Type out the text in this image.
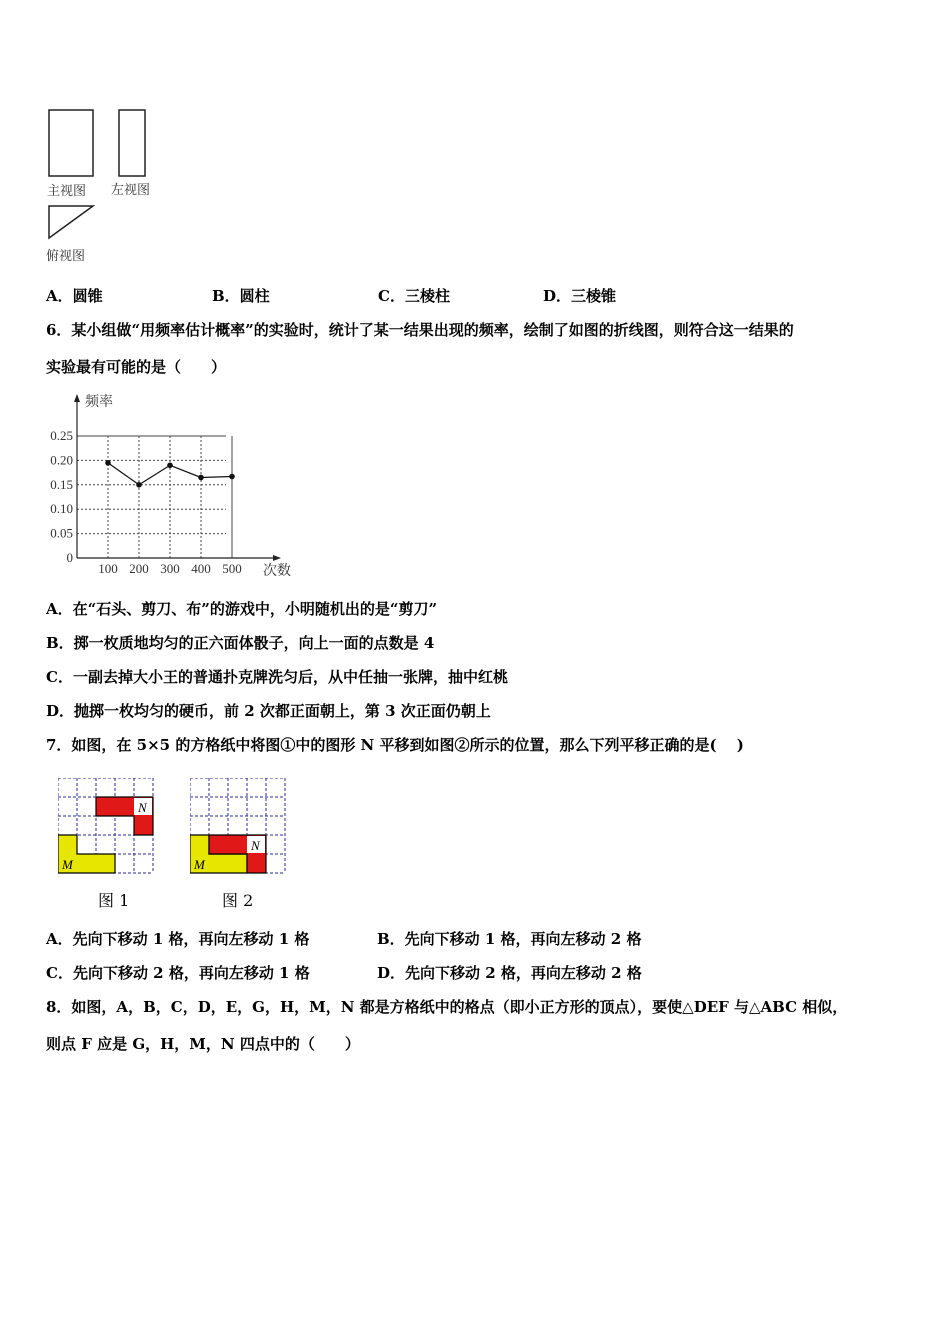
主视图 左视图
俯视图
A．圆锥	B．圆柱	C．三棱柱	D．三棱锥
6．某小组做“用频率估计概率”的实验时，统计了某一结果出现的频率，绘制了如图的折线图，则符合这一结果的
实验最有可能的是（　　）
频率
次数
0
0.05
0.10
0.15
0.20
0.25
100 200 300 400 500
A．在“石头、剪刀、布”的游戏中，小明随机出的是“剪刀”
B．掷一枚质地均匀的正六面体骰子，向上一面的点数是 4
C．一副去掉大小王的普通扑克牌洗匀后，从中任抽一张牌，抽中红桃
D．抛掷一枚均匀的硬币，前 2 次都正面朝上，第 3 次正面仍朝上
7．如图，在 5×5 的方格纸中将图①中的图形 N 平移到如图②所示的位置，那么下列平移正确的是(　 )
N
M
N
M
图 1	图 2
A．先向下移动 1 格，再向左移动 1 格	B．先向下移动 1 格，再向左移动 2 格
C．先向下移动 2 格，再向左移动 1 格	D．先向下移动 2 格，再向左移动 2 格
8．如图，A，B，C，D，E，G，H，M，N 都是方格纸中的格点（即小正方形的顶点），要使△DEF 与△ABC 相似，
则点 F 应是 G，H，M，N 四点中的（　　）
